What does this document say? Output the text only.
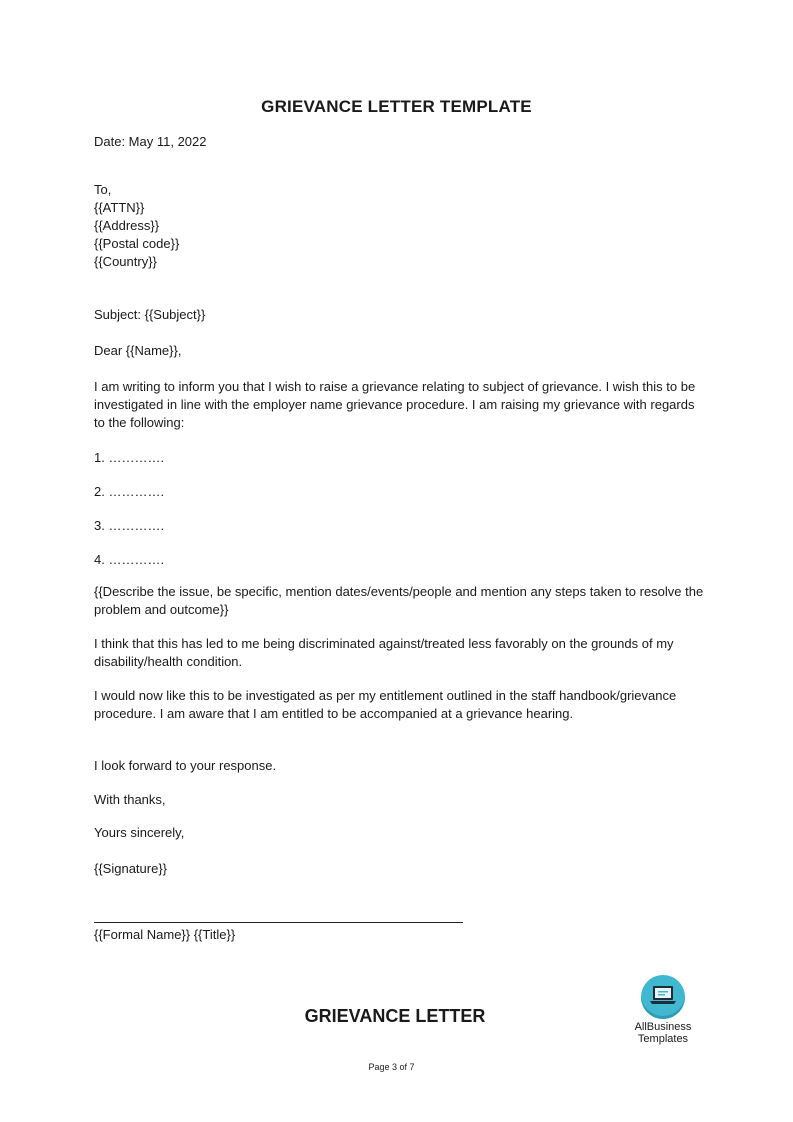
GRIEVANCE LETTER TEMPLATE

Date: May 11, 2022

To,

{{ATTN}}

{{Address}}

{{Postal code}}

{{Country}}

Subject: {{Subject}}

Dear {{Name}},

I am writing to inform you that I wish to raise a grievance relating to subject of grievance. I wish this to be investigated in line with the employer name grievance procedure. I am raising my grievance with regards to the following:

1. ………….
2. ………….
3. ………….
4. ………….

{{Describe the issue, be specific, mention dates/events/people and mention any steps taken to resolve the problem and outcome}}

I think that this has led to me being discriminated against/treated less favorably on the grounds of my disability/health condition.

I would now like this to be investigated as per my entitlement outlined in the staff handbook/grievance procedure. I am aware that I am entitled to be accompanied at a grievance hearing.

I look forward to your response.

With thanks,

Yours sincerely,

{{Signature}}

{{Formal Name}} {{Title}}

GRIEVANCE LETTER
AllBusiness
Templates
Page 3 of 7
